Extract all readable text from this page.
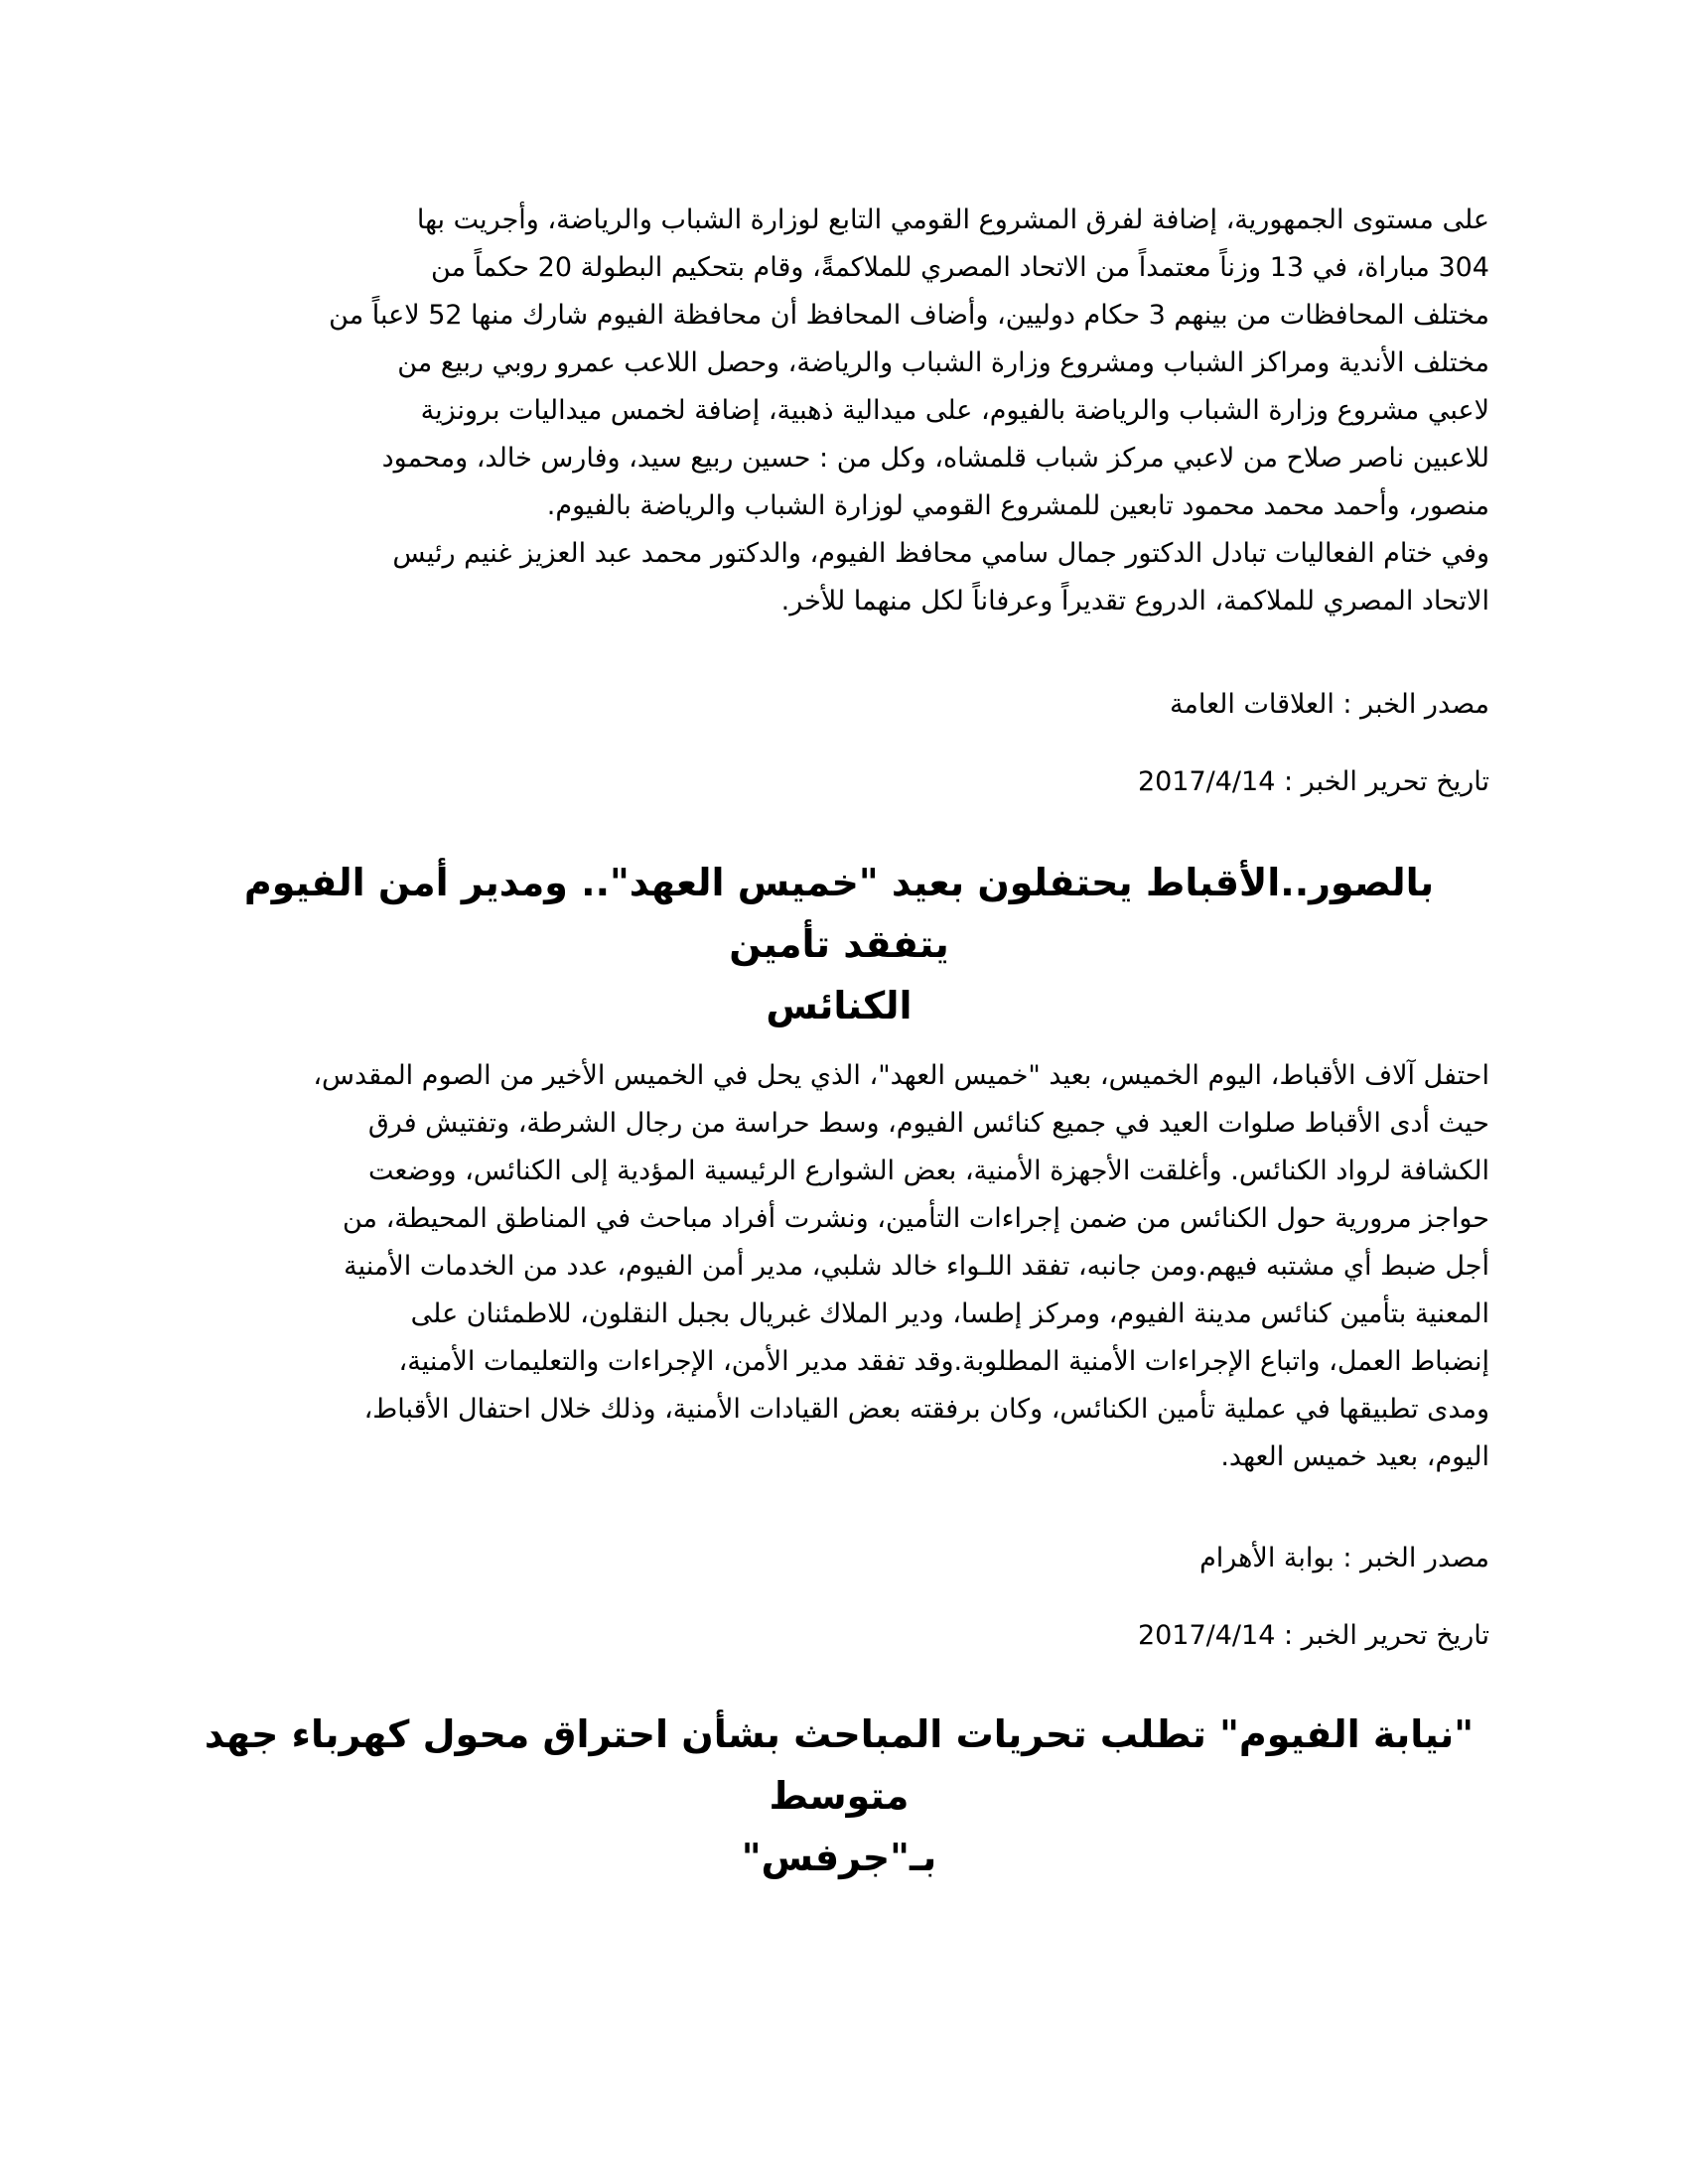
على مستوى الجمهورية، إضافة لفرق المشروع القومي التابع لوزارة الشباب والرياضة، وأجريت بها
304 مباراة، في 13 وزناً معتمداً من الاتحاد المصري للملاكمةً، وقام بتحكيم البطولة 20 حكماً من
مختلف المحافظات من بينهم 3 حكام دوليين، وأضاف المحافظ أن محافظة الفيوم شارك منها 52 لاعباً من
مختلف الأندية ومراكز الشباب ومشروع وزارة الشباب والرياضة، وحصل اللاعب عمرو روبي ربيع من
لاعبي مشروع وزارة الشباب والرياضة بالفيوم، على ميدالية ذهبية، إضافة لخمس ميداليات برونزية
للاعبين ناصر صلاح من لاعبي مركز شباب قلمشاه، وكل من : حسين ربيع سيد، وفارس خالد، ومحمود
منصور، وأحمد محمد محمود تابعين للمشروع القومي لوزارة الشباب والرياضة بالفيوم.
وفي ختام الفعاليات تبادل الدكتور جمال سامي محافظ الفيوم، والدكتور محمد عبد العزيز غنيم رئيس
الاتحاد المصري للملاكمة، الدروع تقديراً وعرفاناً لكل منهما للأخر.

مصدر الخبر : العلاقات العامة

تاريخ تحرير الخبر : 2017/4/14

بالصور..الأقباط يحتفلون بعيد "خميس العهد".. ومدير أمن الفيوم يتفقد تأمين
الكنائس

احتفل آلاف الأقباط، اليوم الخميس، بعيد "خميس العهد"، الذي يحل في الخميس الأخير من الصوم المقدس،
حيث أدى الأقباط صلوات العيد في جميع كنائس الفيوم، وسط حراسة من رجال الشرطة، وتفتيش فرق
الكشافة لرواد الكنائس. وأغلقت الأجهزة الأمنية، بعض الشوارع الرئيسية المؤدية إلى الكنائس، ووضعت
حواجز مرورية حول الكنائس من ضمن إجراءات التأمين، ونشرت أفراد مباحث في المناطق المحيطة، من
أجل ضبط أي مشتبه فيهم.ومن جانبه، تفقد اللـواء خالد شلبي، مدير أمن الفيوم، عدد من الخدمات الأمنية
المعنية بتأمين كنائس مدينة الفيوم، ومركز إطسا، ودير الملاك غبريال بجبل النقلون، للاطمئنان على
إنضباط العمل، واتباع الإجراءات الأمنية المطلوبة.وقد تفقد مدير الأمن، الإجراءات والتعليمات الأمنية،
ومدى تطبيقها في عملية تأمين الكنائس، وكان برفقته بعض القيادات الأمنية، وذلك خلال احتفال الأقباط،
اليوم، بعيد خميس العهد.

مصدر الخبر : بوابة الأهرام

تاريخ تحرير الخبر : 2017/4/14

"نيابة الفيوم" تطلب تحريات المباحث بشأن احتراق محول كهرباء جهد متوسط
بـ"جرفس"
